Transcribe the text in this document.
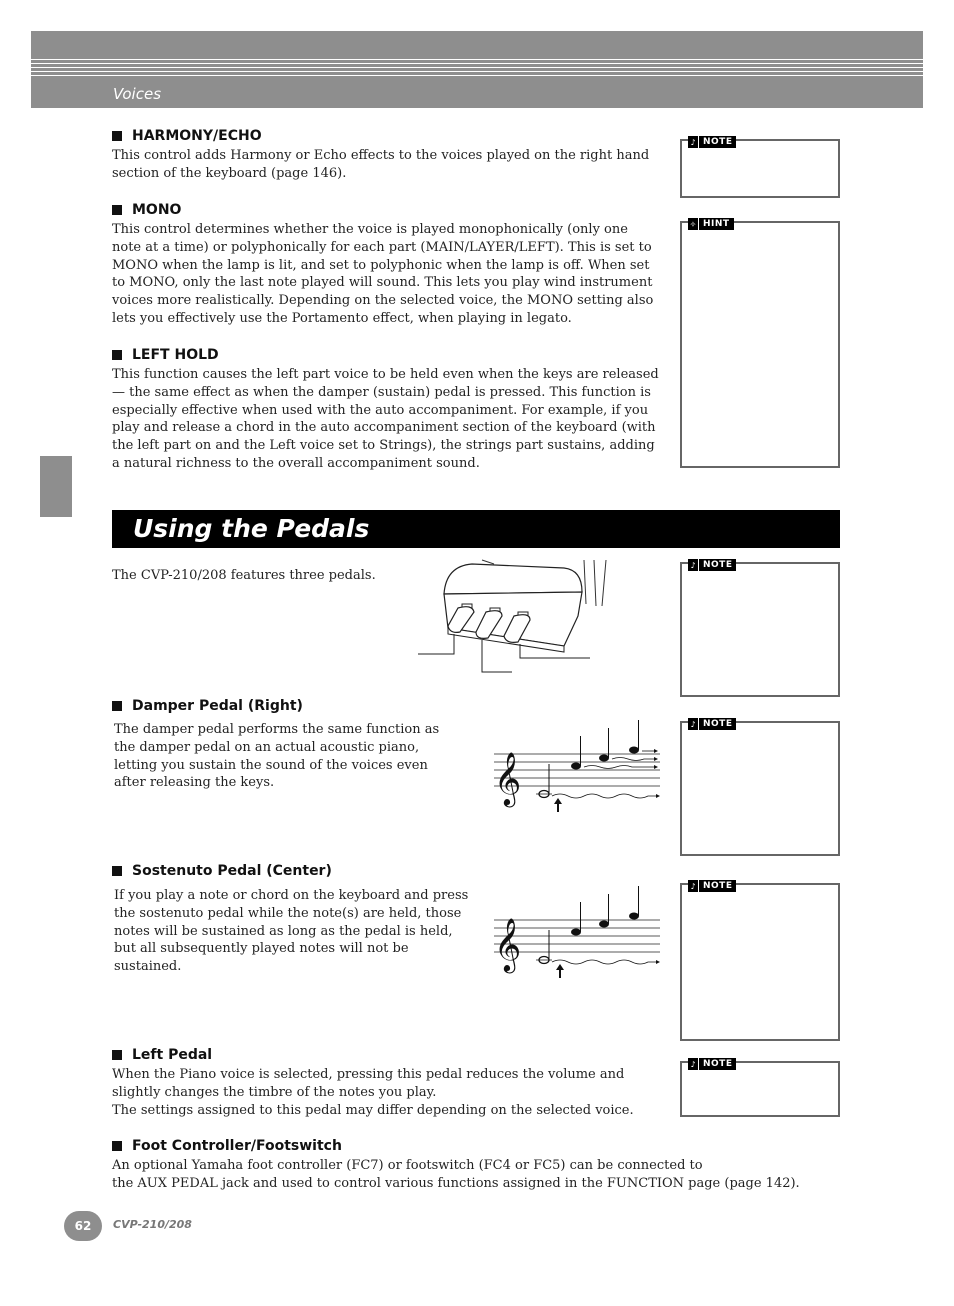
Voices
HARMONY/ECHO
This control adds Harmony or Echo effects to the voices played on the right hand section of the keyboard (page 146).
MONO
This control determines whether the voice is played monophonically (only one note at a time) or polyphonically for each part (MAIN/LAYER/LEFT). This is set to MONO when the lamp is lit, and set to polyphonic when the lamp is off. When set to MONO, only the last note played will sound. This lets you play wind instrument voices more realistically. Depending on the selected voice, the MONO setting also lets you effectively use the Portamento effect, when playing in legato.
LEFT HOLD
This function causes the left part voice to be held even when the keys are released — the same effect as when the damper (sustain) pedal is pressed. This function is especially effective when used with the auto accompaniment. For example, if you play and release a chord in the auto accompaniment section of the keyboard (with the left part on and the Left voice set to Strings), the strings part sustains, adding a natural richness to the overall accompaniment sound.
♪ NOTE
✧ HINT
Using the Pedals
The CVP-210/208 features three pedals.
♪ NOTE
Damper Pedal (Right)
The damper pedal performs the same function as the damper pedal on an actual acoustic piano, letting you sustain the sound of the voices even after releasing the keys.	𝄞
♪ NOTE
Sostenuto Pedal (Center)
If you play a note or chord on the keyboard and press the sostenuto pedal while the note(s) are held, those notes will be sustained as long as the pedal is held, but all subsequently played notes will not be sustained.	𝄞
♪ NOTE
Left Pedal
When the Piano voice is selected, pressing this pedal reduces the volume and slightly changes the timbre of the notes you play.
The settings assigned to this pedal may differ depending on the selected voice.
♪ NOTE
Foot Controller/Footswitch
An optional Yamaha foot controller (FC7) or footswitch (FC4 or FC5) can be connected to
the AUX PEDAL jack and used to control various functions assigned in the FUNCTION page (page 142).
62	CVP-210/208
